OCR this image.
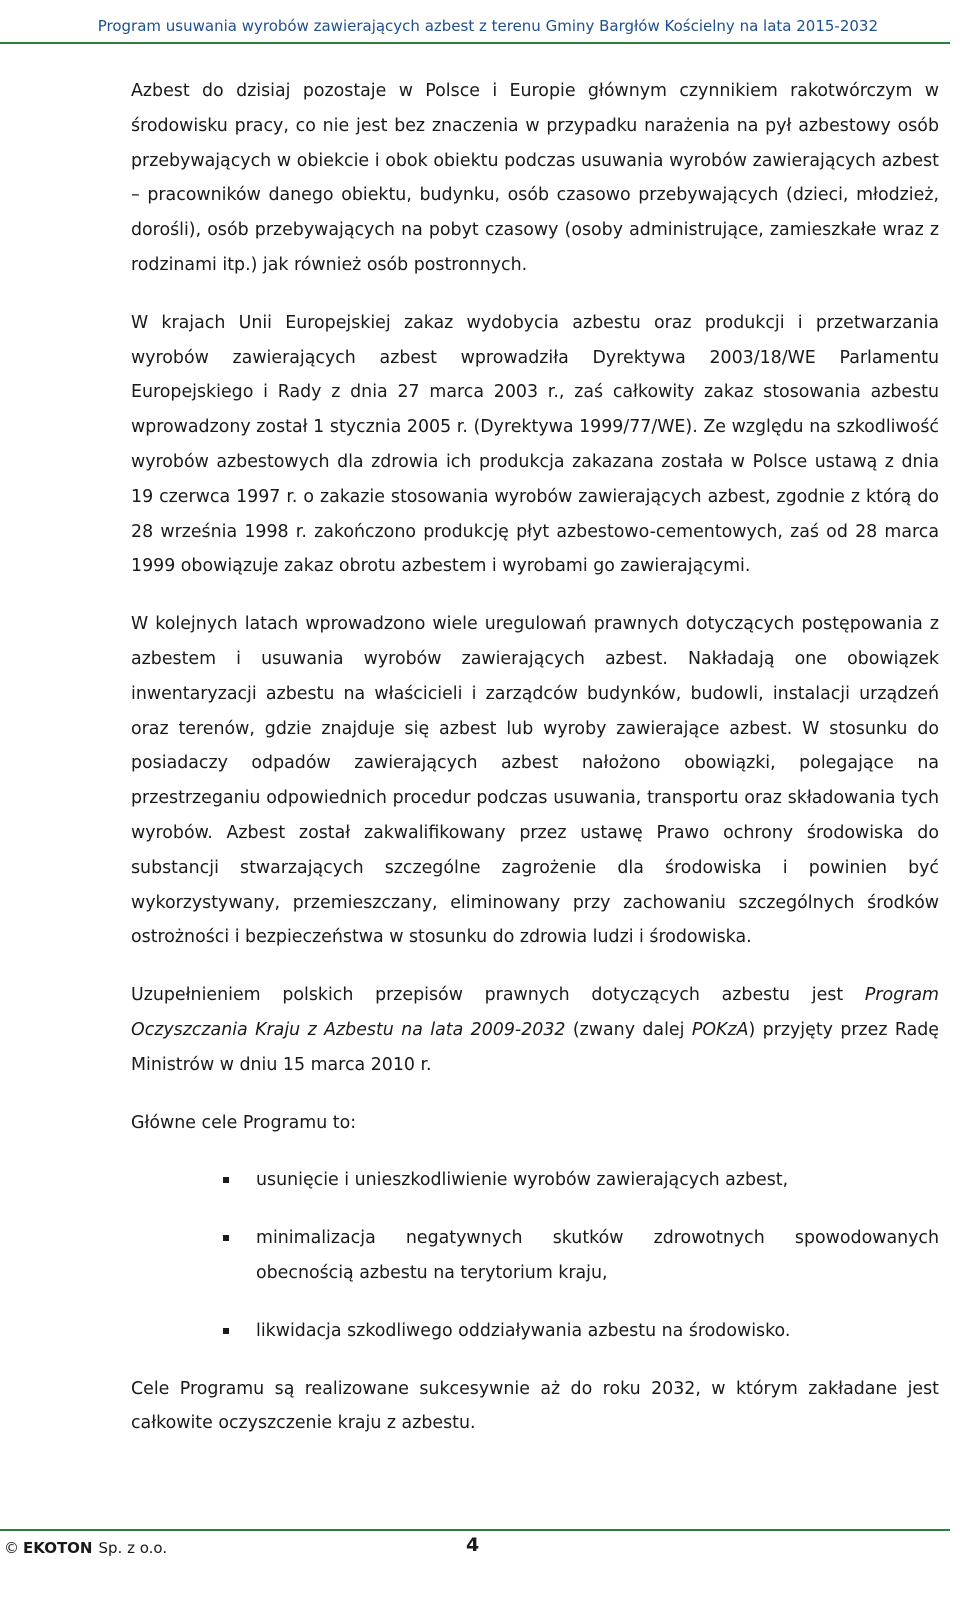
Program usuwania wyrobów zawierających azbest z terenu Gminy Bargłów Kościelny na lata 2015-2032

Azbest do dzisiaj pozostaje w Polsce i Europie głównym czynnikiem rakotwórczym w środowisku pracy, co nie jest bez znaczenia w przypadku narażenia na pył azbestowy osób przebywających w obiekcie i obok obiektu podczas usuwania wyrobów zawierających azbest – pracowników danego obiektu, budynku, osób czasowo przebywających (dzieci, młodzież, dorośli), osób przebywających na pobyt czasowy (osoby administrujące, zamieszkałe wraz z rodzinami itp.) jak również osób postronnych.

W krajach Unii Europejskiej zakaz wydobycia azbestu oraz produkcji i przetwarzania wyrobów zawierających azbest wprowadziła Dyrektywa 2003/18/WE Parlamentu Europejskiego i Rady z dnia 27 marca 2003 r., zaś całkowity zakaz stosowania azbestu wprowadzony został 1 stycznia 2005 r. (Dyrektywa 1999/77/WE). Ze względu na szkodliwość wyrobów azbestowych dla zdrowia ich produkcja zakazana została w Polsce ustawą z dnia 19 czerwca 1997 r. o zakazie stosowania wyrobów zawierających azbest, zgodnie z którą do 28 września 1998 r. zakończono produkcję płyt azbestowo-cementowych, zaś od 28 marca 1999 obowiązuje zakaz obrotu azbestem i wyrobami go zawierającymi.

W kolejnych latach wprowadzono wiele uregulowań prawnych dotyczących postępowania z azbestem i usuwania wyrobów zawierających azbest. Nakładają one obowiązek inwentaryzacji azbestu na właścicieli i zarządców budynków, budowli, instalacji urządzeń oraz terenów, gdzie znajduje się azbest lub wyroby zawierające azbest. W stosunku do posiadaczy odpadów zawierających azbest nałożono obowiązki, polegające na przestrzeganiu odpowiednich procedur podczas usuwania, transportu oraz składowania tych wyrobów. Azbest został zakwalifikowany przez ustawę Prawo ochrony środowiska do substancji stwarzających szczególne zagrożenie dla środowiska i powinien być wykorzystywany, przemieszczany, eliminowany przy zachowaniu szczególnych środków ostrożności i bezpieczeństwa w stosunku do zdrowia ludzi i środowiska.

Uzupełnieniem polskich przepisów prawnych dotyczących azbestu jest Program Oczyszczania Kraju z Azbestu na lata 2009-2032 (zwany dalej POKzA) przyjęty przez Radę Ministrów w dniu 15 marca 2010 r.

Główne cele Programu to:

usunięcie i unieszkodliwienie wyrobów zawierających azbest,
minimalizacja negatywnych skutków zdrowotnych spowodowanych obecnością azbestu na terytorium kraju,
likwidacja szkodliwego oddziaływania azbestu na środowisko.

Cele Programu są realizowane sukcesywnie aż do roku 2032, w którym zakładane jest całkowite oczyszczenie kraju z azbestu.

© EKOTON Sp. z o.o.	4
